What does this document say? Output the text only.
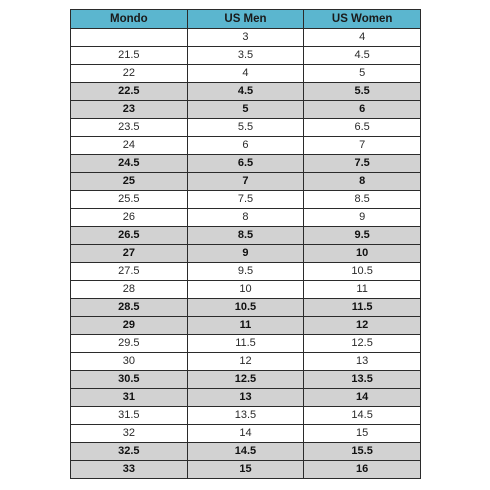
Mondo	US Men	US Women
	3	4
21.5	3.5	4.5
22	4	5
22.5	4.5	5.5
23	5	6
23.5	5.5	6.5
24	6	7
24.5	6.5	7.5
25	7	8
25.5	7.5	8.5
26	8	9
26.5	8.5	9.5
27	9	10
27.5	9.5	10.5
28	10	11
28.5	10.5	11.5
29	11	12
29.5	11.5	12.5
30	12	13
30.5	12.5	13.5
31	13	14
31.5	13.5	14.5
32	14	15
32.5	14.5	15.5
33	15	16
